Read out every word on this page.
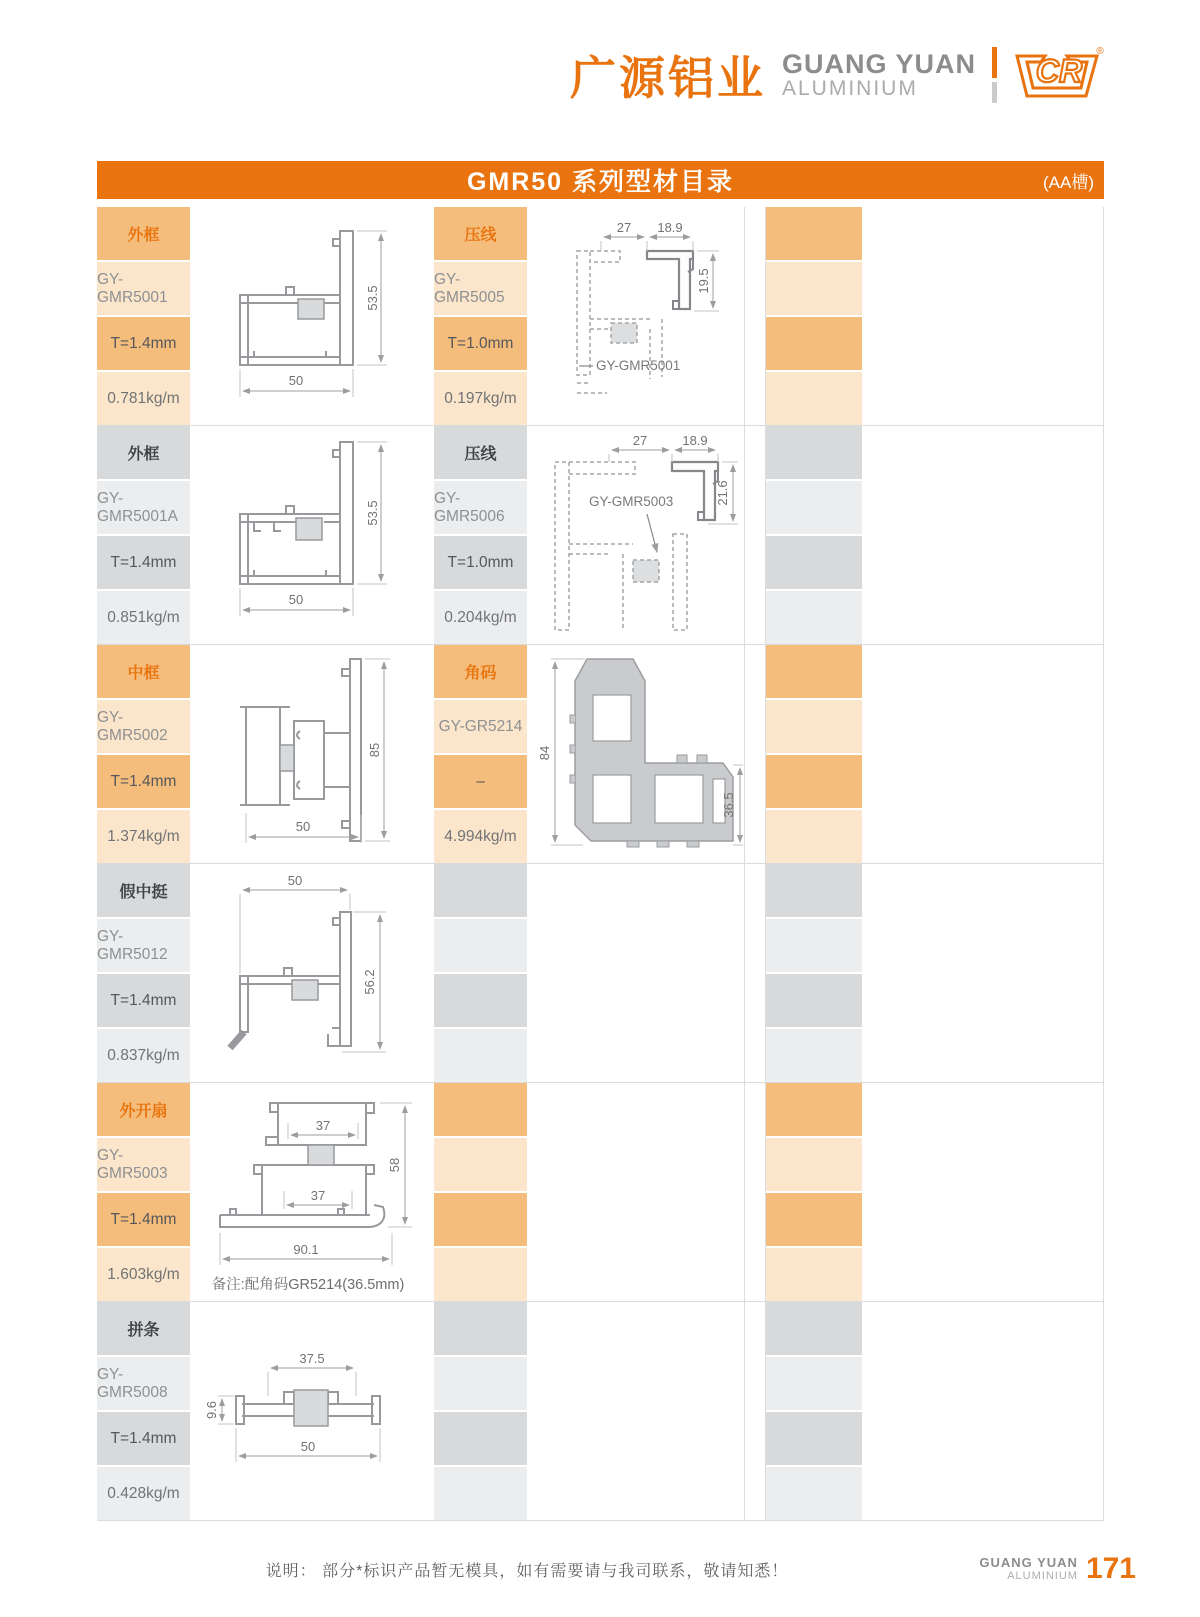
广源铝业 GUANG YUAN
ALUMINIUM	CR
®
GMR50 系列型材目录	(AA槽)
外框
GY-GMR5001
T=1.4mm
0.781kg/m
50
53.5
压线
GY-GMR5005
T=1.0mm
0.197kg/m
27 18.9
19.5
GY-GMR5001
外框
GY-GMR5001A
T=1.4mm
0.851kg/m
50
53.5
压线
GY-GMR5006
T=1.0mm
0.204kg/m
27	18.9
21.6
GY-GMR5003
中框
GY-GMR5002
T=1.4mm
1.374kg/m
50
85
角码
GY-GR5214
–
4.994kg/m
84
36.5
假中挺
GY-GMR5012
T=1.4mm
0.837kg/m
50
56.2
外开扇
GY-GMR5003
T=1.4mm
1.603kg/m
37
37
58
90.1
备注:配角码GR5214(36.5mm)
拼条
GY-GMR5008
T=1.4mm
0.428kg/m
37.5
9.6
50
说明： 部分*标识产品暂无模具，如有需要请与我司联系，敬请知悉！
GUANG YUAN
ALUMINIUM 171
